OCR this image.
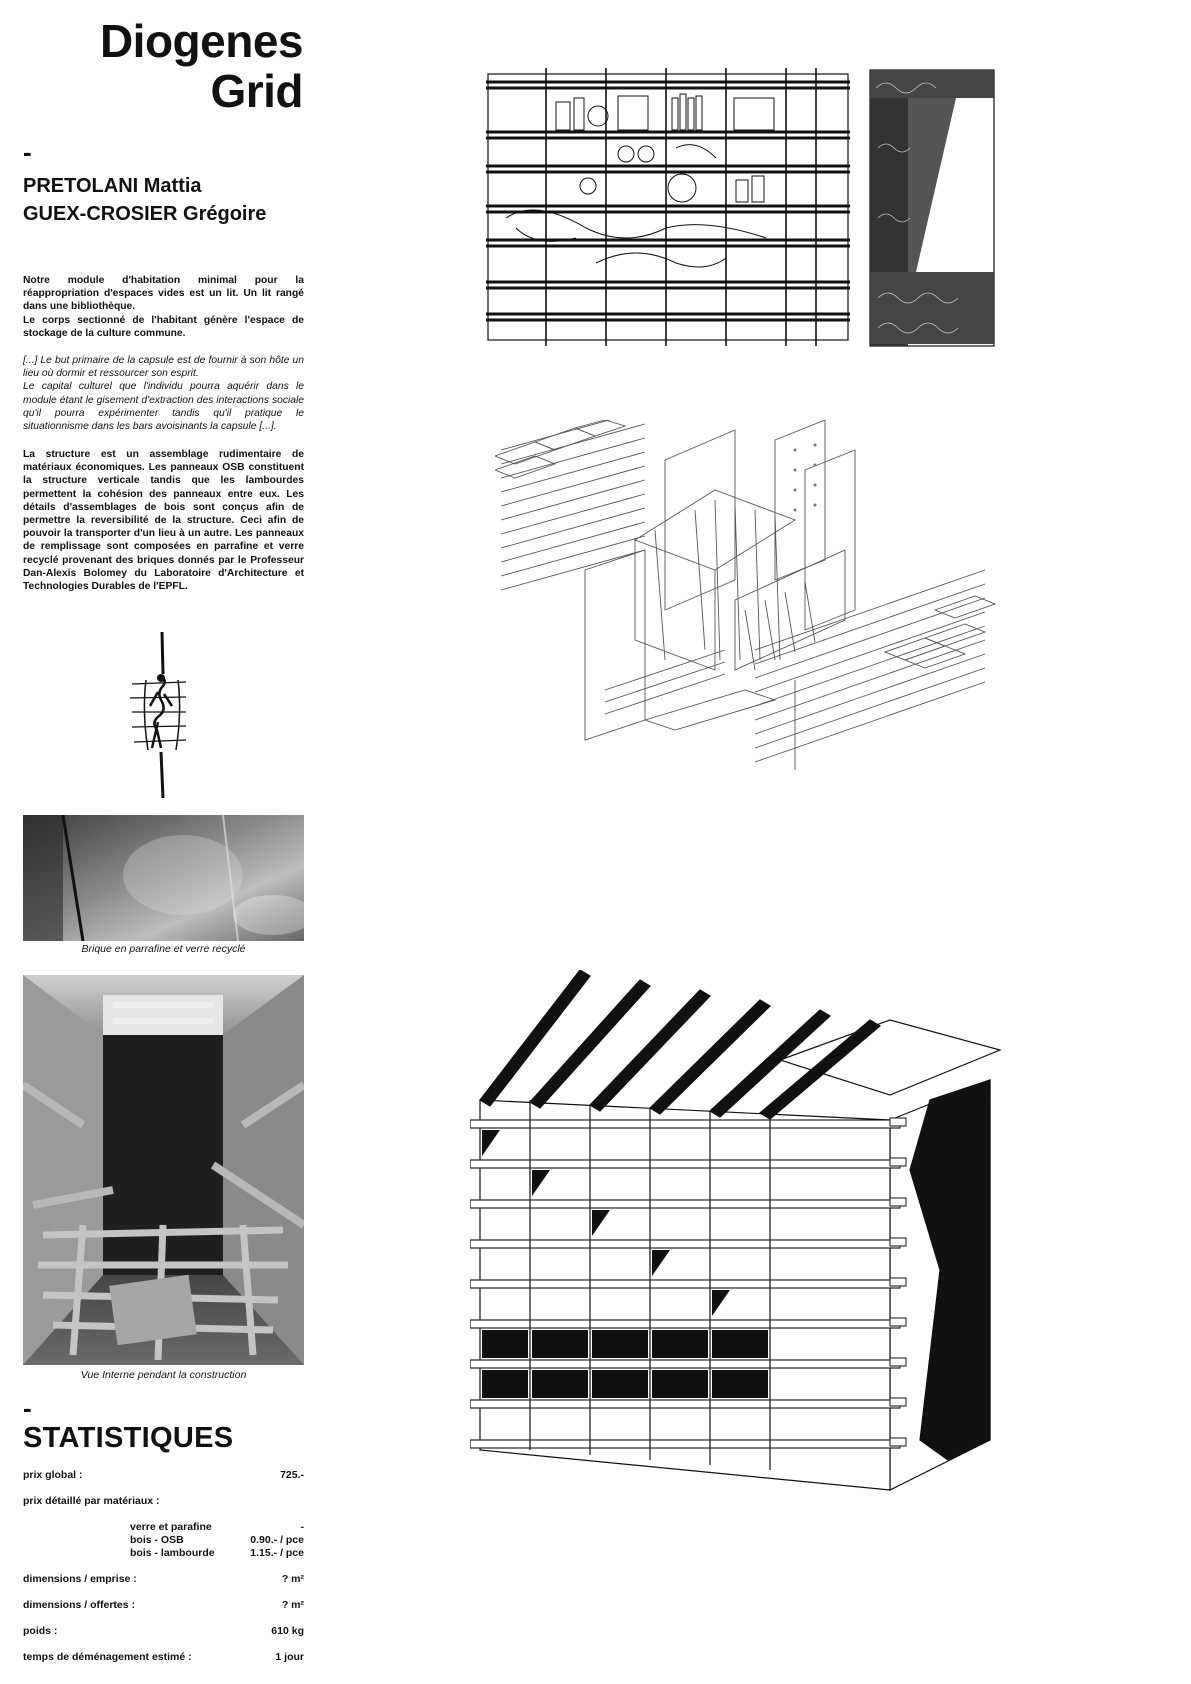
Diogenes
Grid
-
PRETOLANI Mattia
GUEX-CROSIER Grégoire
Notre module d'habitation minimal pour la réappropriation d'espaces vides est un lit. Un lit rangé dans une bibliothèque.
Le corps sectionné de l'habitant génère l'espace de stockage de la culture commune.
[...] Le but primaire de la capsule est de fournir à son hôte un lieu où dormir et ressourcer son esprit.
Le capital culturel que l'individu pourra aquérir dans le module étant le gisement d'extraction des interactions sociale qu'il pourra expérimenter tandis qu'il pratique le situationnisme dans les bars avoisinants la capsule [...].
La structure est un assemblage rudimentaire de matériaux économiques. Les panneaux OSB constituent la structure verticale tandis que les lambourdes permettent la cohésion des panneaux entre eux. Les détails d'assemblages de bois sont conçus afin de permettre la reversibilité de la structure. Ceci afin de pouvoir la transporter d'un lieu à un autre. Les panneaux de remplissage sont composées en parrafine et verre recyclé provenant des briques donnés par le Professeur Dan-Alexis Bolomey du Laboratoire d'Architecture et Technologies Durables de l'EPFL.
Brique en parrafine et verre recyclé
Vue Interne pendant la construction
-
STATISTIQUES
prix global :	725.-
prix détaillé par matériaux :
verre et parafine	-
bois - OSB	0.90.- / pce
bois - lambourde	1.15.- / pce
dimensions / emprise :	? m²
dimensions / offertes :	? m²
poids :	610 kg
temps de déménagement estimé :	1 jour
